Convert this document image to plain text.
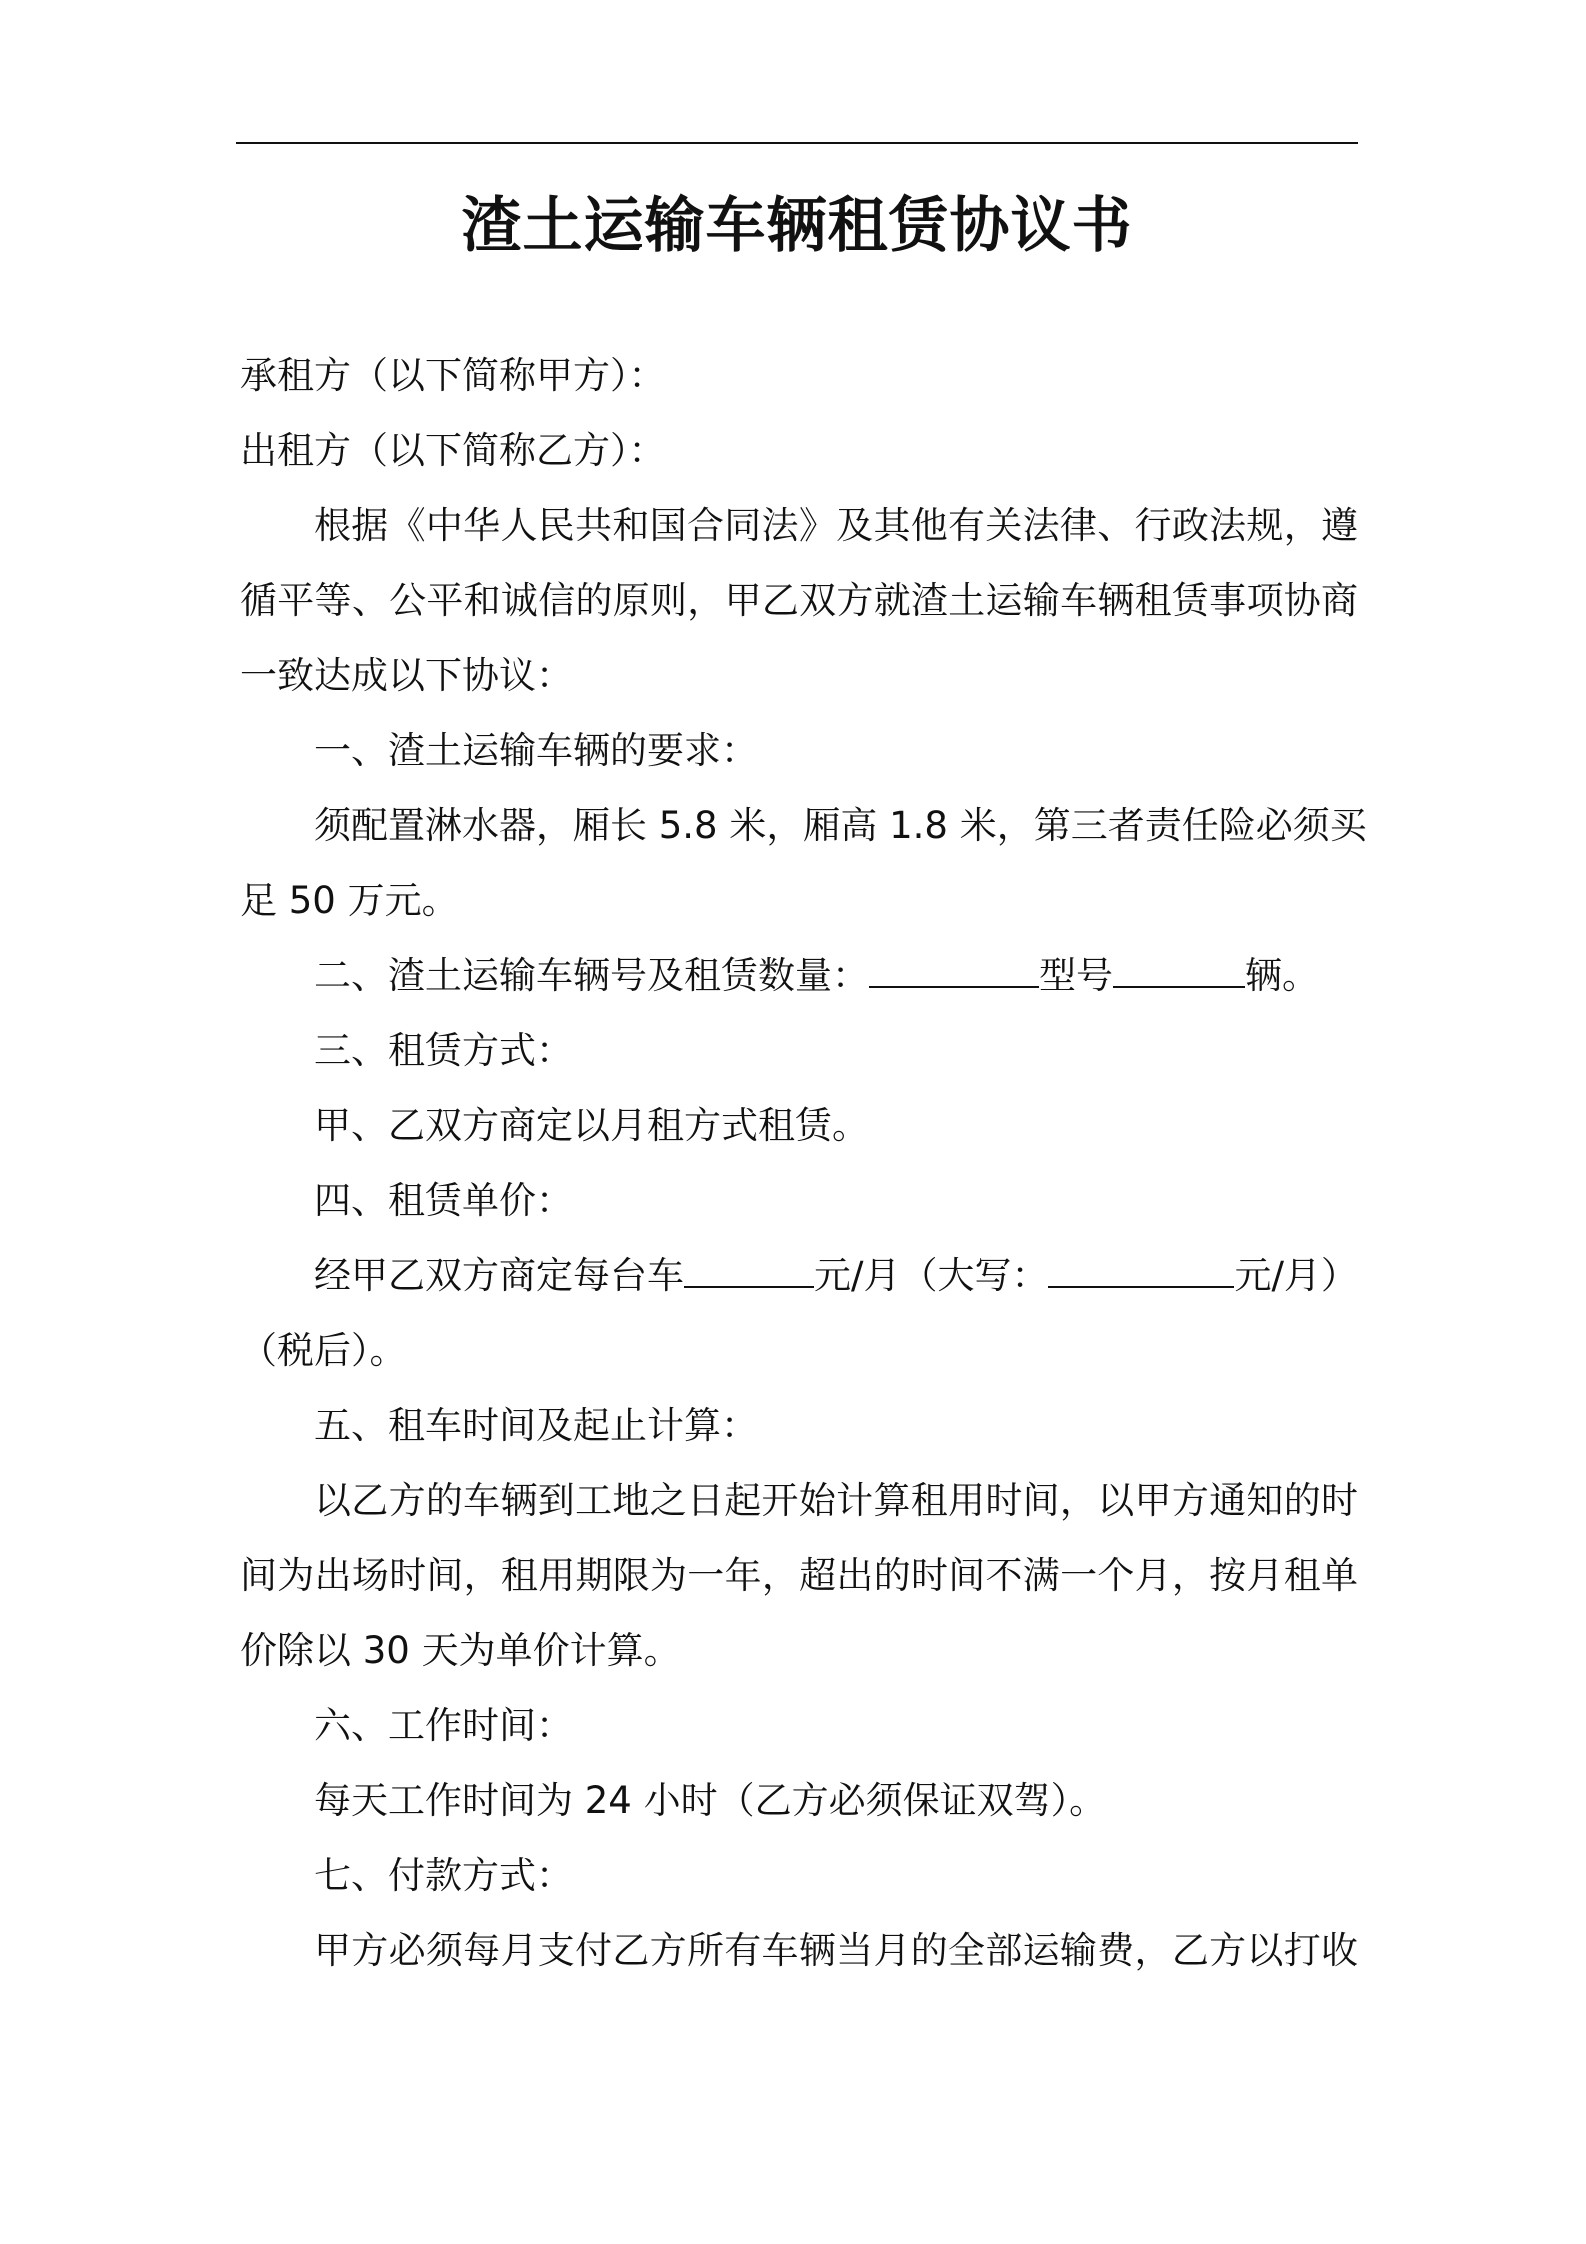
渣土运输车辆租赁协议书
承租方（以下简称甲方）：
出租方（以下简称乙方）：
根据《中华人民共和国合同法》及其他有关法律、行政法规，遵
循平等、公平和诚信的原则，甲乙双方就渣土运输车辆租赁事项协商
一致达成以下协议：
一、渣土运输车辆的要求：
须配置淋水器，厢长 5.8 米，厢高 1.8 米，第三者责任险必须买
足 50 万元。
二、渣土运输车辆号及租赁数量：	型号	辆。
三、租赁方式：
甲、乙双方商定以月租方式租赁。
四、租赁单价：
经甲乙双方商定每台车	元/月（大写：	元/月）
（税后）。
五、租车时间及起止计算：
以乙方的车辆到工地之日起开始计算租用时间，以甲方通知的时
间为出场时间，租用期限为一年，超出的时间不满一个月，按月租单
价除以 30 天为单价计算。
六、工作时间：
每天工作时间为 24 小时（乙方必须保证双驾）。
七、付款方式：
甲方必须每月支付乙方所有车辆当月的全部运输费，乙方以打收
